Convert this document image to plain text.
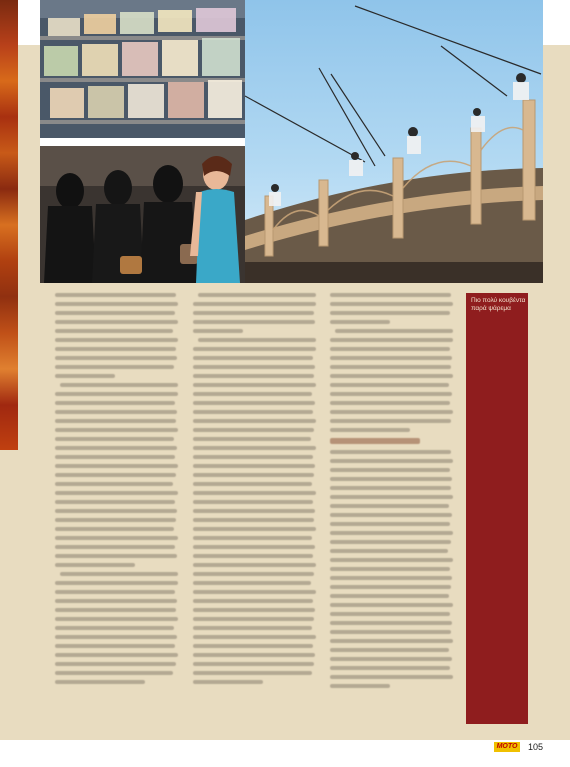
Πιο πολύ κουβέντα παρά ψάρεμα
MOTO 105
